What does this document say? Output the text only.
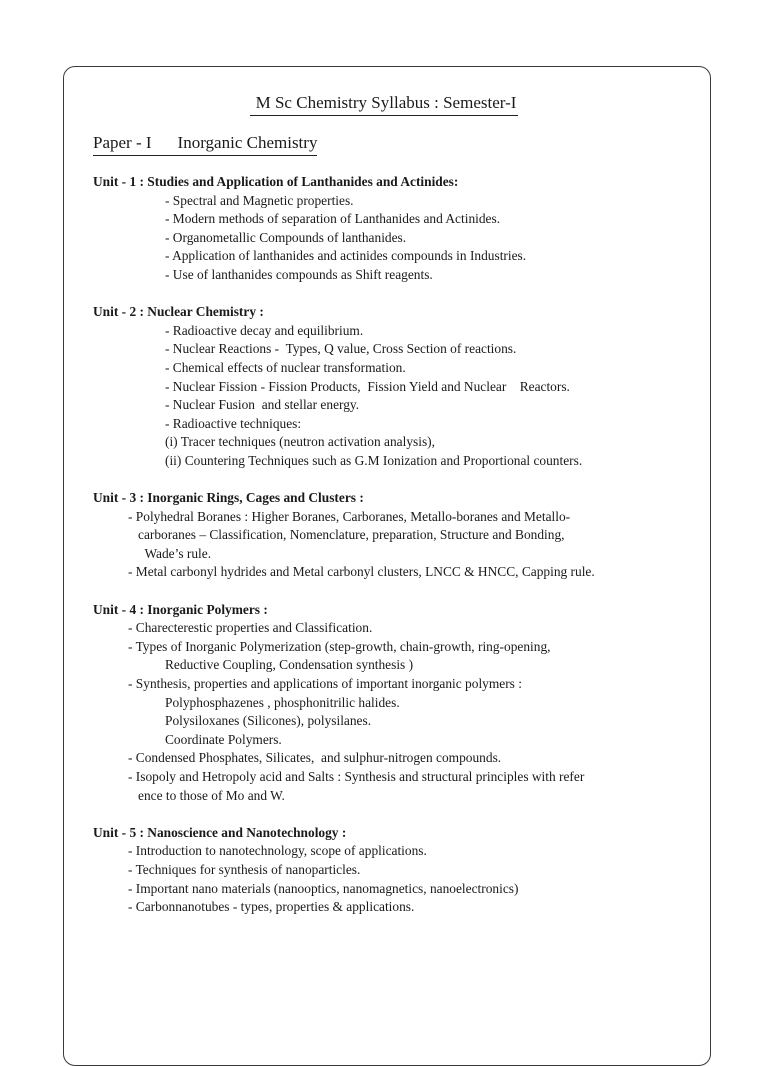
M Sc Chemistry Syllabus : Semester-I
Paper - I Inorganic Chemistry

Unit - 1 : Studies and Application of Lanthanides and Actinides:

- Spectral and Magnetic properties.

- Modern methods of separation of Lanthanides and Actinides.

- Organometallic Compounds of lanthanides.

- Application of lanthanides and actinides compounds in Industries.

- Use of lanthanides compounds as Shift reagents.

Unit - 2 : Nuclear Chemistry :

- Radioactive decay and equilibrium.

- Nuclear Reactions -  Types, Q value, Cross Section of reactions.

- Chemical effects of nuclear transformation.

- Nuclear Fission - Fission Products,  Fission Yield and Nuclear    Reactors.

- Nuclear Fusion  and stellar energy.

- Radioactive techniques:

(i) Tracer techniques (neutron activation analysis),

(ii) Countering Techniques such as G.M Ionization and Proportional counters.

Unit - 3 : Inorganic Rings, Cages and Clusters :

- Polyhedral Boranes : Higher Boranes, Carboranes, Metallo-boranes and Metallo-

carboranes – Classification, Nomenclature, preparation, Structure and Bonding,

Wade’s rule.

- Metal carbonyl hydrides and Metal carbonyl clusters, LNCC & HNCC, Capping rule.

Unit - 4 : Inorganic Polymers :

- Charecterestic properties and Classification.

- Types of Inorganic Polymerization (step-growth, chain-growth, ring-opening,

Reductive Coupling, Condensation synthesis )

- Synthesis, properties and applications of important inorganic polymers :

Polyphosphazenes , phosphonitrilic halides.

Polysiloxanes (Silicones), polysilanes.

Coordinate Polymers.

- Condensed Phosphates, Silicates,  and sulphur-nitrogen compounds.

- Isopoly and Hetropoly acid and Salts : Synthesis and structural principles with refer

ence to those of Mo and W.

Unit - 5 : Nanoscience and Nanotechnology :

- Introduction to nanotechnology, scope of applications.

- Techniques for synthesis of nanoparticles.

- Important nano materials (nanooptics, nanomagnetics, nanoelectronics)

- Carbonnanotubes - types, properties & applications.
